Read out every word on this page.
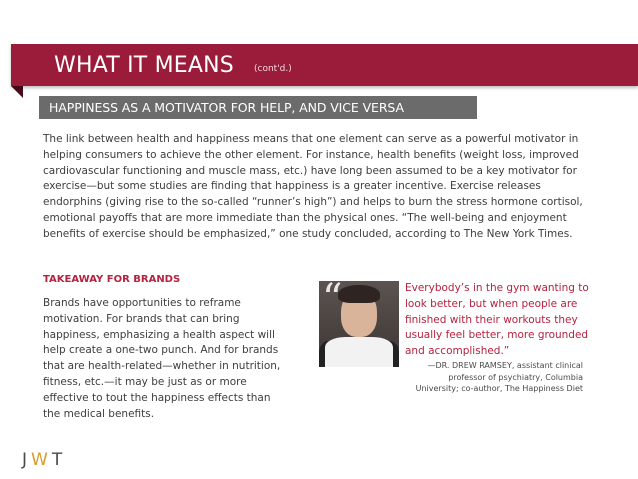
WHAT IT MEANS (cont'd.)
HAPPINESS AS A MOTIVATOR FOR HELP, AND VICE VERSA
The link between health and happiness means that one element can serve as a powerful motivator in helping consumers to achieve the other element. For instance, health benefits (weight loss, improved cardiovascular functioning and muscle mass, etc.) have long been assumed to be a key motivator for exercise—but some studies are finding that happiness is a greater incentive. Exercise releases endorphins (giving rise to the so-called “runner’s high”) and helps to burn the stress hormone cortisol, emotional payoffs that are more immediate than the physical ones. “The well-being and enjoyment benefits of exercise should be emphasized,” one study concluded, according to The New York Times.
TAKEAWAY FOR BRANDS
Brands have opportunities to reframe motivation. For brands that can bring happiness, emphasizing a health aspect will help create a one-two punch. And for brands that are health-related—whether in nutrition, fitness, etc.—it may be just as or more effective to tout the happiness effects than the medical benefits.
“	Everybody’s in the gym wanting to look better, but when people are finished with their workouts they usually feel better, more grounded and accomplished.”
—DR. DREW RAMSEY, assistant clinical professor of psychiatry, Columbia University; co-author, The Happiness Diet
JWT
